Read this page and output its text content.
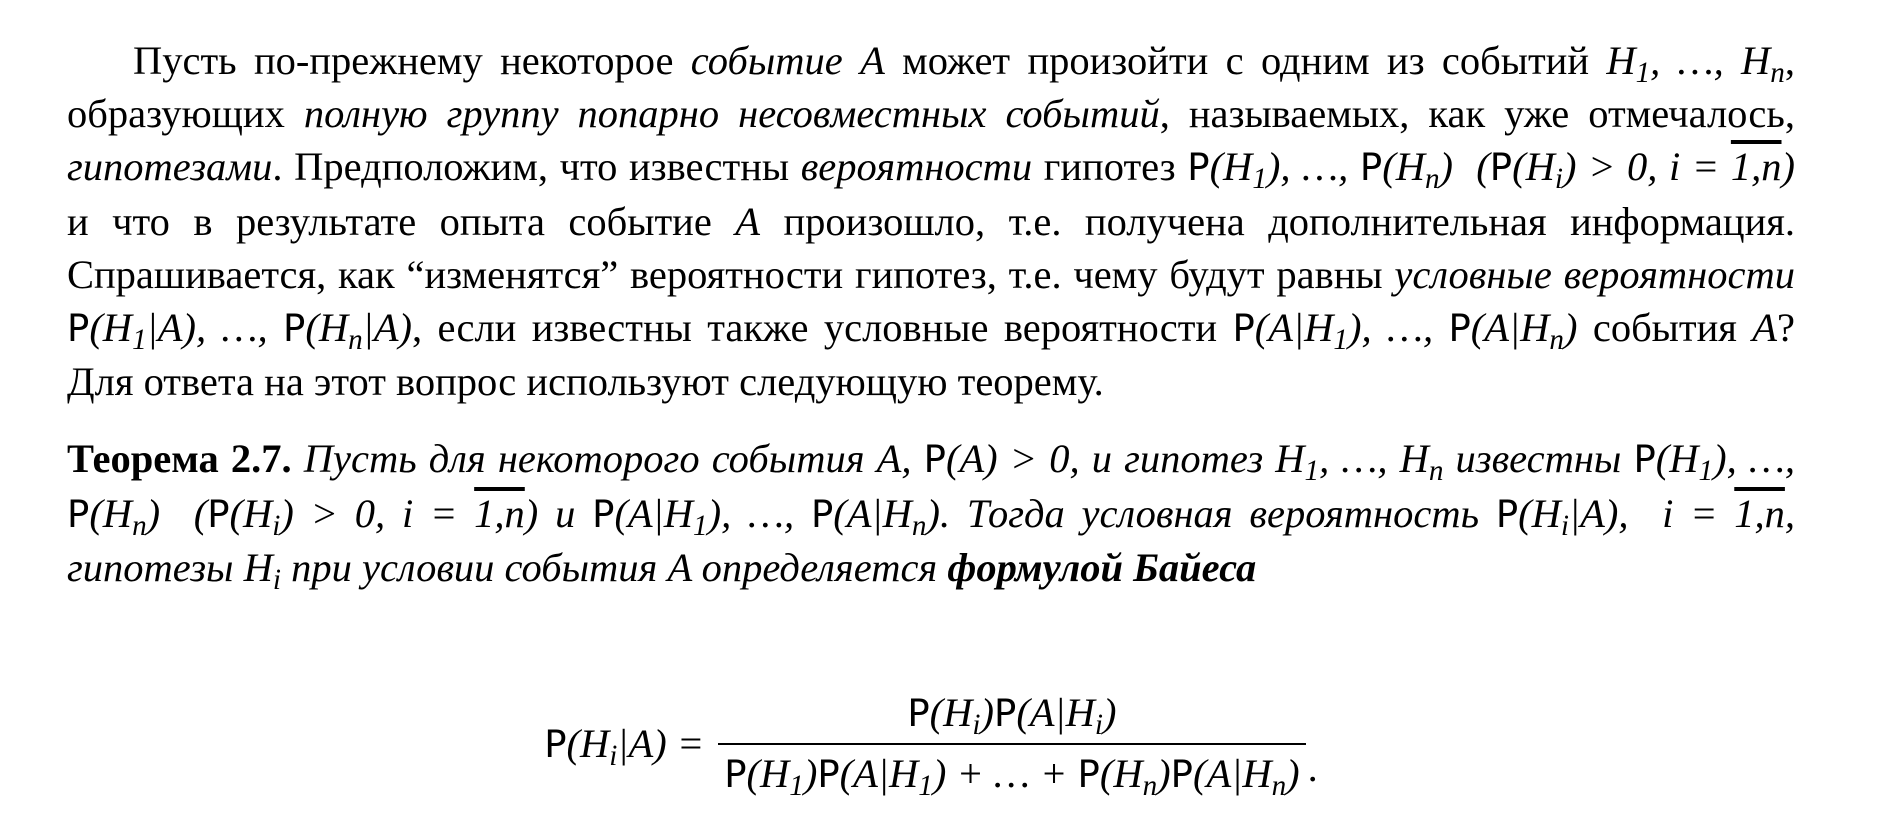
Пусть по-прежнему некоторое событие A может произойти с одним из событий $H_1$, …, $H_n$, образующих полную группу попарно несовместных событий, называемых, как уже отмечалось, гипотезами. Предположим, что известны вероятности гипотез $P(H_1)$, …, $P(H_n) (P(H_i) > 0$, i = 1,n) и что в результате опыта событие A произошло, т.е. получена дополнительная информация. Спрашивается, как “изменятся” вероятности гипотез, т.е. чему будут равны условные вероятности $P(H_1|A)$, …, $P(H_n|A)$, если известны также условные вероятности $P(A|H_1)$, …, $P(A|H_n)$ события A? Для ответа на этот вопрос используют следующую теорему.

Теорема 2.7. Пусть для некоторого события A, P(A) > 0, и гипотез $H_1$, …, $H_n$ известны $P(H_1)$, …, $P(H_n) (P(H_i) > 0$, i = 1,n) и $P(A|H_1)$, …, $P(A|H_n)$. Тогда условная вероятность $P(H_i|A)$,  i = 1,n, гипотезы $H_i$ при условии события A определяется формулой Байеса

$P(H_i|A) = \frac{P(H_i)P(A|H_i)}{P(H_1)P(A|H_1) + \dots + P(H_n)P(A|H_n)}$ .
